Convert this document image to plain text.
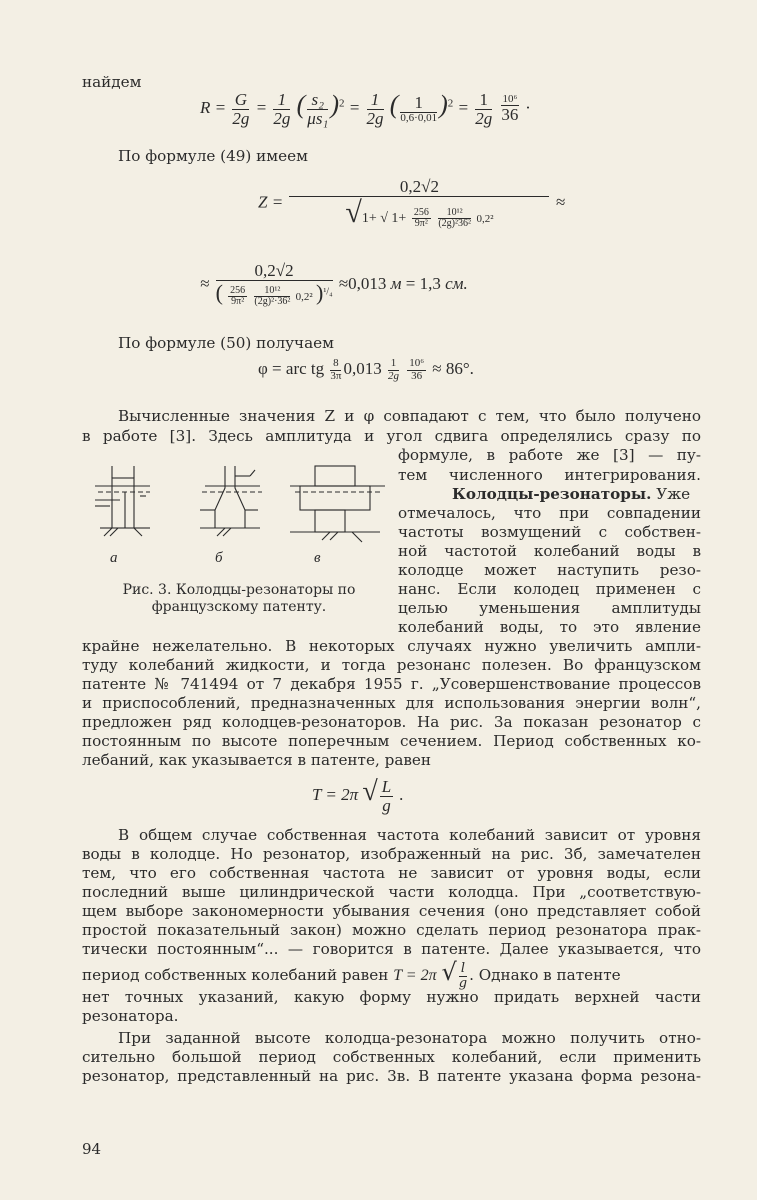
найдем
$R = \frac{G}{2g} = \frac{1}{2g}$ ( $\frac{\text{s₂}}{\text{μs₁}} )^2 = \frac{1}{2g}$ ( $\frac{1}{0,6\cdot 0,01} )^2 = \frac{1}{2g}$
$\frac{\text{10⁶}}{36}$ ·
По формуле (49) имеем
Z = 0,2√2
√1+ √ $1+ \frac{256}{\text{9π²}}$
$\frac{\text{10¹²}}{\text{(2g)²36²}} 0,2^2$ ≈
≈ 0,2√2
( $\frac{256}{\text{9π²}}$
$\frac{\text{10¹²}}{\text{(2g)²·36²}} 0,2^2$ )$^{^1/_4}$ ≈0,013 м = 1,3 см.
По формуле (50) получаем
φ = arc tg $\frac{8}{3\pi} 0,013 \frac{1}{2g}$
$\frac{\text{10⁶}}{36} \approx 86^\circ$.
Вычисленные значения Z и φ совпадают с тем, что было получено
в работе [3]. Здесь амплитуда и угол сдвига определялись сразу по
формуле, в работе же [3] — пу-
тем численного интегрирования.
Колодцы-резонаторы. Уже
отмечалось, что при совпадении
частоты возмущений с собствен-
ной частотой колебаний воды в
колодце может наступить резо-
нанс. Если колодец применен с
целью уменьшения амплитуды
колебаний воды, то это явление
а	б	в
Рис. 3. Колодцы-резонаторы по французскому патенту.
крайне нежелательно. В некоторых случаях нужно увеличить ампли-
туду колебаний жидкости, и тогда резонанс полезен. Во французском
патенте № 741494 от 7 декабря 1955 г. „Усовершенствование процессов
и приспособлений, предназначенных для использования энергии волн“,
предложен ряд колодцев-резонаторов. На рис. 3а показан резонатор с
постоянным по высоте поперечным сечением. Период собственных ко-
лебаний, как указывается в патенте, равен
T = 2π √ $\frac{L}{g}$ .
В общем случае собственная частота колебаний зависит от уровня
воды в колодце. Но резонатор, изображенный на рис. 3б, замечателен
тем, что его собственная частота не зависит от уровня воды, если
последний выше цилиндрической части колодца. При „соответствую-
щем выборе закономерности убывания сечения (оно представляет собой
простой показательный закон) можно сделать период резонатора прак-
тически постоянным“... — говорится в патенте. Далее указывается, что
период собственных колебаний равен T = 2π √ $\frac{l}{g}$ . Однако в патенте
нет точных указаний, какую форму нужно придать верхней части
резонатора.
При заданной высоте колодца-резонатора можно получить отно-
сительно большой период собственных колебаний, если применить
резонатор, представленный на рис. 3в. В патенте указана форма резона-
94
